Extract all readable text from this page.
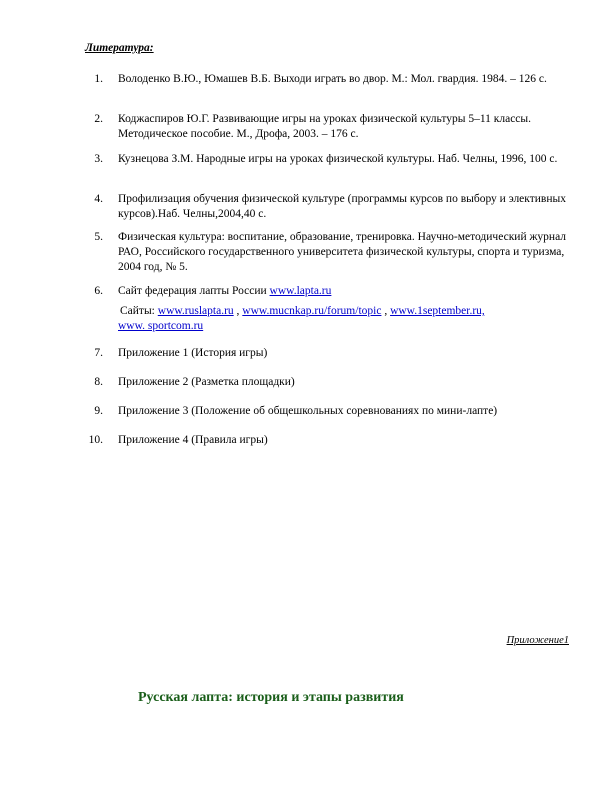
Литература:
1. Володенко В.Ю., Юмашев В.Б. Выходи играть во двор. М.: Мол. гвардия. 1984. – 126 с.
2. Коджаспиров Ю.Г. Развивающие игры на уроках физической культуры 5–11 классы. Методическое пособие. М., Дрофа, 2003. – 176 с.
3. Кузнецова З.М. Народные игры на уроках физической культуры. Наб. Челны, 1996, 100 с.
4. Профилизация обучения физической культуре (программы курсов по выбору и элективных курсов).Наб. Челны,2004,40 с.
5. Физическая культура: воспитание, образование, тренировка. Научно-методический журнал РАО, Российского государственного университета физической культуры, спорта и туризма, 2004 год, № 5.
6. Сайт федерация лапты России www.lapta.ru
Сайты: www.ruslapta.ru , www.mucnkap.ru/forum/topic , www.1september.ru,
www. sportcom.ru
7. Приложение 1 (История игры)
8. Приложение 2 (Разметка площадки)
9. Приложение 3 (Положение об общешкольных соревнованиях по мини-лапте)
10. Приложение 4 (Правила игры)
Приложение1
Русская лапта: история и этапы развития
